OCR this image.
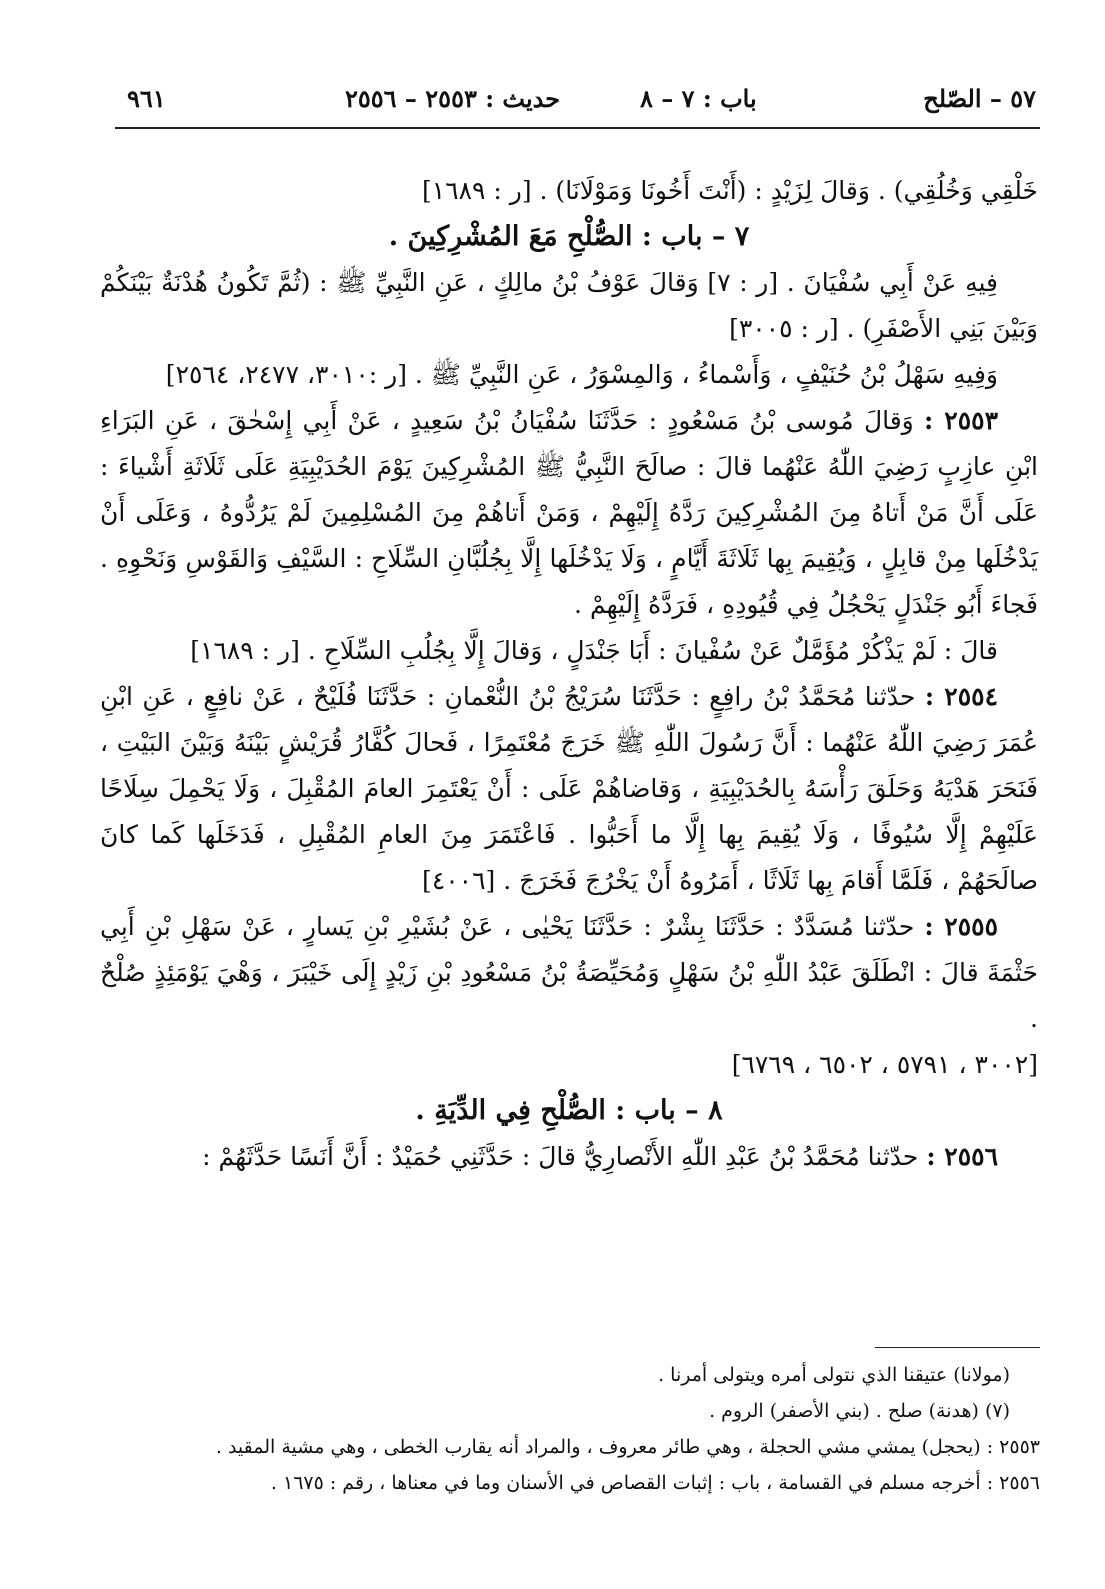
٥٧ – الصّلح
باب : ٧ – ٨
حديث : ٢٥٥٣ – ٢٥٥٦
٩٦١

خَلْقِي وَخُلُقِي) . وَقالَ لِزَيْدٍ : (أَنْتَ أَخُونَا وَمَوْلَانَا) . [ر : ١٦٨٩]

٧ – باب : الصُّلْحِ مَعَ المُشْرِكِينَ .

فِيهِ عَنْ أَبِي سُفْيَانَ . [ر : ٧] وَقالَ عَوْفُ بْنُ مالِكٍ ، عَنِ النَّبِيِّ ﷺ : (ثُمَّ تَكُونُ هُدْنَةٌ بَيْنَكُمْ وَبَيْنَ بَنِي الأَصْفَرِ) . [ر : ٣٠٠٥]

وَفِيهِ سَهْلُ بْنُ حُنَيْفٍ ، وَأَسْماءُ ، وَالمِسْوَرُ ، عَنِ النَّبِيِّ ﷺ . [ر :٣٠١٠، ٢٤٧٧، ٢٥٦٤]

٢٥٥٣ : وَقالَ مُوسى بْنُ مَسْعُودٍ : حَدَّثَنَا سُفْيَانُ بْنُ سَعِيدٍ ، عَنْ أَبِي إِسْحٰقَ ، عَنِ البَرَاءِ ابْنِ عازِبٍ رَضِيَ اللّٰهُ عَنْهُما قالَ : صالَحَ النَّبِيُّ ﷺ المُشْرِكِينَ يَوْمَ الحُدَيْبِيَةِ عَلَى ثَلَاثَةِ أَشْياءَ : عَلَى أَنَّ مَنْ أَتاهُ مِنَ المُشْرِكِينَ رَدَّهُ إِلَيْهِمْ ، وَمَنْ أَتاهُمْ مِنَ المُسْلِمِينَ لَمْ يَرُدُّوهُ ، وَعَلَى أَنْ يَدْخُلَها مِنْ قابِلٍ ، وَيُقِيمَ بِها ثَلَاثَةَ أَيَّامٍ ، وَلَا يَدْخُلَها إِلَّا بِجُلُبَّانِ السِّلَاحِ : السَّيْفِ وَالقَوْسِ وَنَحْوِهِ . فَجاءَ أَبُو جَنْدَلٍ يَحْجُلُ فِي قُيُودِهِ ، فَرَدَّهُ إِلَيْهِمْ .

قالَ : لَمْ يَذْكُرْ مُؤَمَّلٌ عَنْ سُفْيانَ : أَبَا جَنْدَلٍ ، وَقالَ إِلَّا بِجُلُبِ السِّلَاحِ . [ر : ١٦٨٩]

٢٥٥٤ : حدّثنا مُحَمَّدُ بْنُ رافِعٍ : حَدَّثَنَا سُرَيْجُ بْنُ النُّعْمانِ : حَدَّثَنَا فُلَيْحٌ ، عَنْ نافِعٍ ، عَنِ ابْنِ عُمَرَ رَضِيَ اللّٰهُ عَنْهُما : أَنَّ رَسُولَ اللّٰهِ ﷺ خَرَجَ مُعْتَمِرًا ، فَحالَ كُفَّارُ قُرَيْشٍ بَيْنَهُ وَبَيْنَ البَيْتِ ، فَنَحَرَ هَدْيَهُ وَحَلَقَ رَأْسَهُ بِالحُدَيْبِيَةِ ، وَقاضاهُمْ عَلَى : أَنْ يَعْتَمِرَ العامَ المُقْبِلَ ، وَلَا يَحْمِلَ سِلَاحًا عَلَيْهِمْ إِلَّا سُيُوفًا ، وَلَا يُقِيمَ بِها إِلَّا ما أَحَبُّوا . فَاعْتَمَرَ مِنَ العامِ المُقْبِلِ ، فَدَخَلَها كَما كانَ صالَحَهُمْ ، فَلَمَّا أَقامَ بِها ثَلَاثًا ، أَمَرُوهُ أَنْ يَخْرُجَ فَخَرَجَ . [٤٠٠٦]

٢٥٥٥ : حدّثنا مُسَدَّدٌ : حَدَّثَنَا بِشْرٌ : حَدَّثَنَا يَحْيٰى ، عَنْ بُشَيْرِ بْنِ يَسارٍ ، عَنْ سَهْلِ بْنِ أَبِي حَثْمَةَ قالَ : انْطَلَقَ عَبْدُ اللّٰهِ بْنُ سَهْلٍ وَمُحَيِّصَةُ بْنُ مَسْعُودِ بْنِ زَيْدٍ إِلَى خَيْبَرَ ، وَهْيَ يَوْمَئِذٍ صُلْحٌ .

[٣٠٠٢ ، ٥٧٩١ ، ٦٥٠٢ ، ٦٧٦٩]

٨ – باب : الصُّلْحِ فِي الدِّيَةِ .

٢٥٥٦ : حدّثنا مُحَمَّدُ بْنُ عَبْدِ اللّٰهِ الأَنْصارِيُّ قالَ : حَدَّثَنِي حُمَيْدٌ : أَنَّ أَنَسًا حَدَّثَهُمْ :

(مولانا) عتيقنا الذي نتولى أمره ويتولى أمرنا .

(٧) (هدنة) صلح . (بني الأصفر) الروم .

٢٥٥٣ : (يحجل) يمشي مشي الحجلة ، وهي طائر معروف ، والمراد أنه يقارب الخطى ، وهي مشية المقيد .

٢٥٥٦ : أخرجه مسلم في القسامة ، باب : إثبات القصاص في الأسنان وما في معناها ، رقم : ١٦٧٥ .
